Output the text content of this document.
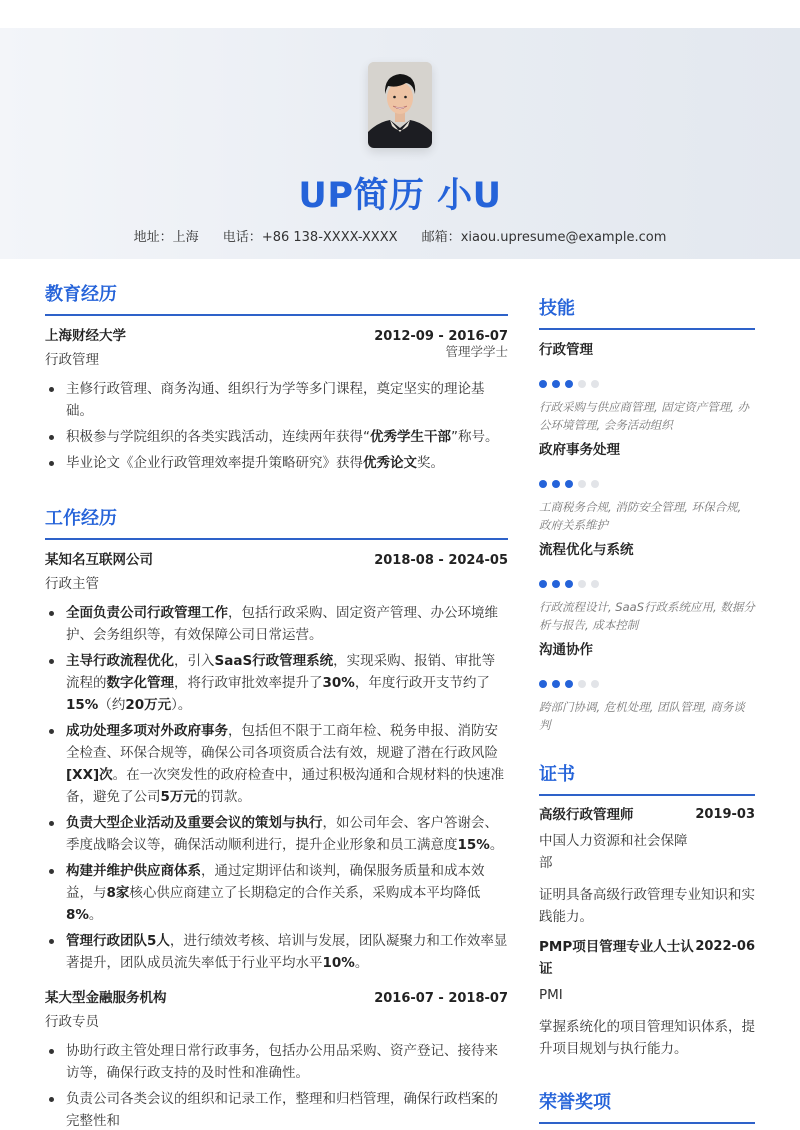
UP简历 小U
地址：上海 电话：+86 138-XXXX-XXXX 邮箱：xiaou.upresume@example.com
教育经历
上海财经大学	2012-09 - 2016-07
行政管理
管理学学士
主修行政管理、商务沟通、组织行为学等多门课程，奠定坚实的理论基础。
积极参与学院组织的各类实践活动，连续两年获得“优秀学生干部”称号。
毕业论文《企业行政管理效率提升策略研究》获得优秀论文奖。
工作经历
某知名互联网公司	2018-08 - 2024-05
行政主管
全面负责公司行政管理工作，包括行政采购、固定资产管理、办公环境维护、会务组织等，有效保障公司日常运营。
主导行政流程优化，引入SaaS行政管理系统，实现采购、报销、审批等流程的数字化管理，将行政审批效率提升了30%，年度行政开支节约了15%（约20万元）。
成功处理多项对外政府事务，包括但不限于工商年检、税务申报、消防安全检查、环保合规等，确保公司各项资质合法有效，规避了潜在行政风险[XX]次。在一次突发性的政府检查中，通过积极沟通和合规材料的快速准备，避免了公司5万元的罚款。
负责大型企业活动及重要会议的策划与执行，如公司年会、客户答谢会、季度战略会议等，确保活动顺利进行，提升企业形象和员工满意度15%。
构建并维护供应商体系，通过定期评估和谈判，确保服务质量和成本效益，与8家核心供应商建立了长期稳定的合作关系，采购成本平均降低8%。
管理行政团队5人，进行绩效考核、培训与发展，团队凝聚力和工作效率显著提升，团队成员流失率低于行业平均水平10%。
某大型金融服务机构	2016-07 - 2018-07
行政专员
协助行政主管处理日常行政事务，包括办公用品采购、资产登记、接待来访等，确保行政支持的及时性和准确性。
负责公司各类会议的组织和记录工作，整理和归档管理，确保行政档案的完整性和
技能
行政管理
行政采购与供应商管理, 固定资产管理, 办公环境管理, 会务活动组织
政府事务处理
工商税务合规, 消防安全管理, 环保合规, 政府关系维护
流程优化与系统
行政流程设计, SaaS行政系统应用, 数据分析与报告, 成本控制
沟通协作
跨部门协调, 危机处理, 团队管理, 商务谈判
证书
高级行政管理师	2019-03
中国人力资源和社会保障部
证明具备高级行政管理专业知识和实践能力。
PMP项目管理专业人士认证
2022-06
PMI
掌握系统化的项目管理知识体系，提升项目规划与执行能力。
荣誉奖项
